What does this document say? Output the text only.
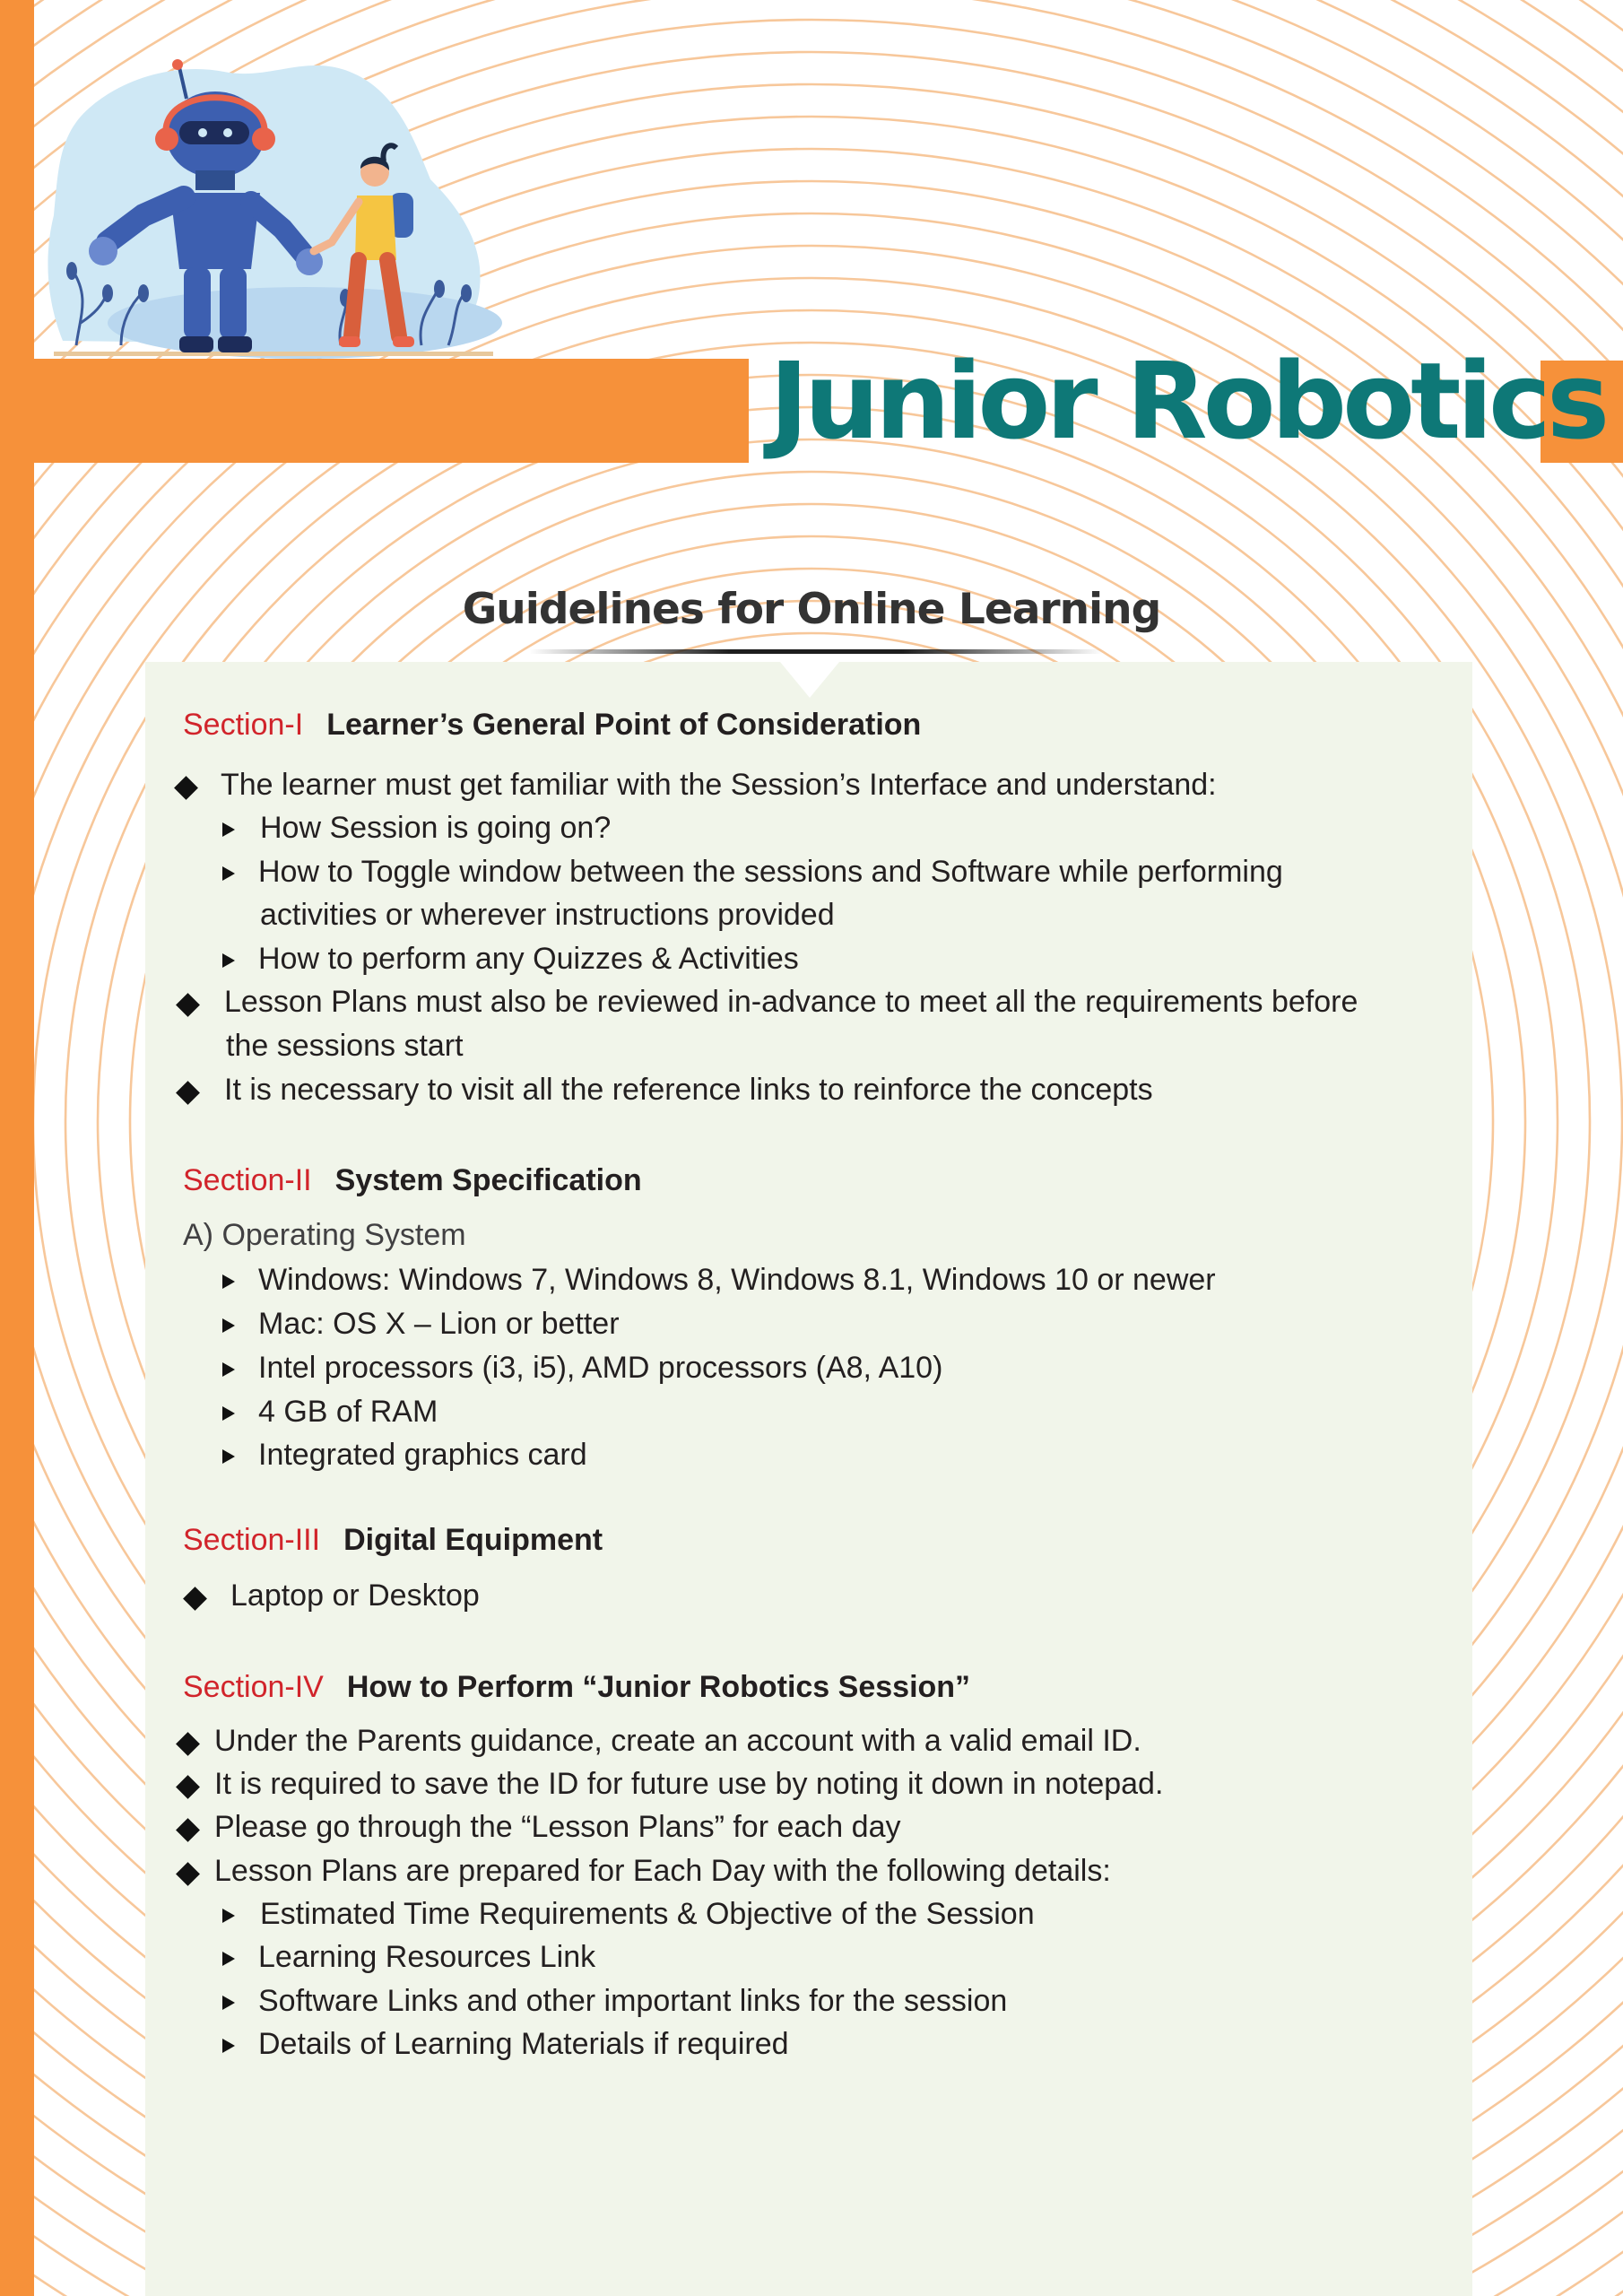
Junior Robotics
Guidelines for Online Learning
Section-I Learner’s General Point of Consideration
The learner must get familiar with the Session’s Interface and understand:
How Session is going on?
How to Toggle window between the sessions and Software while performing
activities or wherever instructions provided
How to perform any Quizzes & Activities
Lesson Plans must also be reviewed in-advance to meet all the requirements before
the sessions start
It is necessary to visit all the reference links to reinforce the concepts
Section-II System Specification
A) Operating System
Windows: Windows 7, Windows 8, Windows 8.1, Windows 10 or newer
Mac: OS X – Lion or better
Intel processors (i3, i5), AMD processors (A8, A10)
4 GB of RAM
Integrated graphics card
Section-III Digital Equipment
Laptop or Desktop
Section-IV How to Perform “Junior Robotics Session”
Under the Parents guidance, create an account with a valid email ID.
It is required to save the ID for future use by noting it down in notepad.
Please go through the “Lesson Plans” for each day
Lesson Plans are prepared for Each Day with the following details:
Estimated Time Requirements & Objective of the Session
Learning Resources Link
Software Links and other important links for the session
Details of Learning Materials if required
